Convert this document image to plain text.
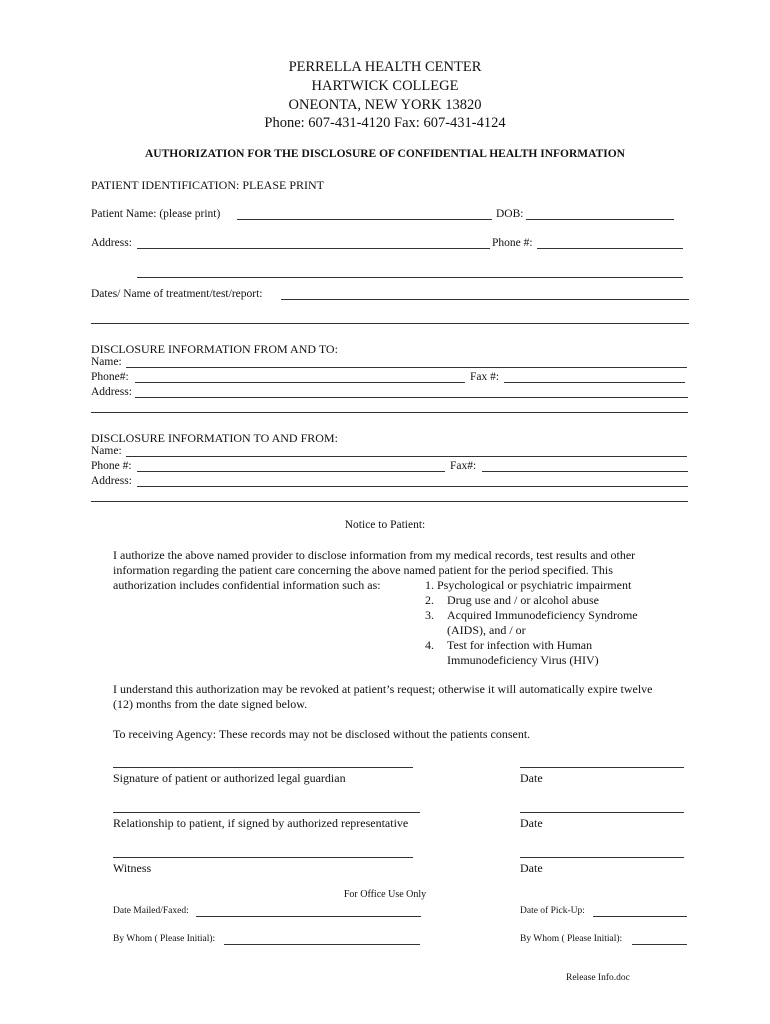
PERRELLA HEALTH CENTER
HARTWICK COLLEGE
ONEONTA, NEW YORK 13820
Phone: 607-431-4120 Fax: 607-431-4124
AUTHORIZATION FOR THE DISCLOSURE OF CONFIDENTIAL HEALTH INFORMATION
PATIENT IDENTIFICATION: PLEASE PRINT
Patient Name: (please print)	DOB:
Address:	Phone #:
Dates/ Name of treatment/test/report:
DISCLOSURE INFORMATION FROM AND TO:
Name:
Phone#:	Fax #:
Address:
DISCLOSURE INFORMATION TO AND FROM:
Name:
Phone #:	Fax#:
Address:
Notice to Patient:
I authorize the above named provider to disclose information from my medical records, test results and other
information regarding the patient care concerning the above named patient for the period specified. This
authorization includes confidential information such as:	1. Psychological or psychiatric impairment
2. Drug use and / or alcohol abuse
3. Acquired Immunodeficiency Syndrome
(AIDS), and / or
4. Test for infection with Human
Immunodeficiency Virus (HIV)
I understand this authorization may be revoked at patient’s request; otherwise it will automatically expire twelve
(12) months from the date signed below.
To receiving Agency: These records may not be disclosed without the patients consent.
Signature of patient or authorized legal guardian	Date
Relationship to patient, if signed by authorized representative	Date
Witness	Date
For Office Use Only
Date Mailed/Faxed:	Date of Pick-Up:
By Whom ( Please Initial):	By Whom ( Please Initial):
Release Info.doc
